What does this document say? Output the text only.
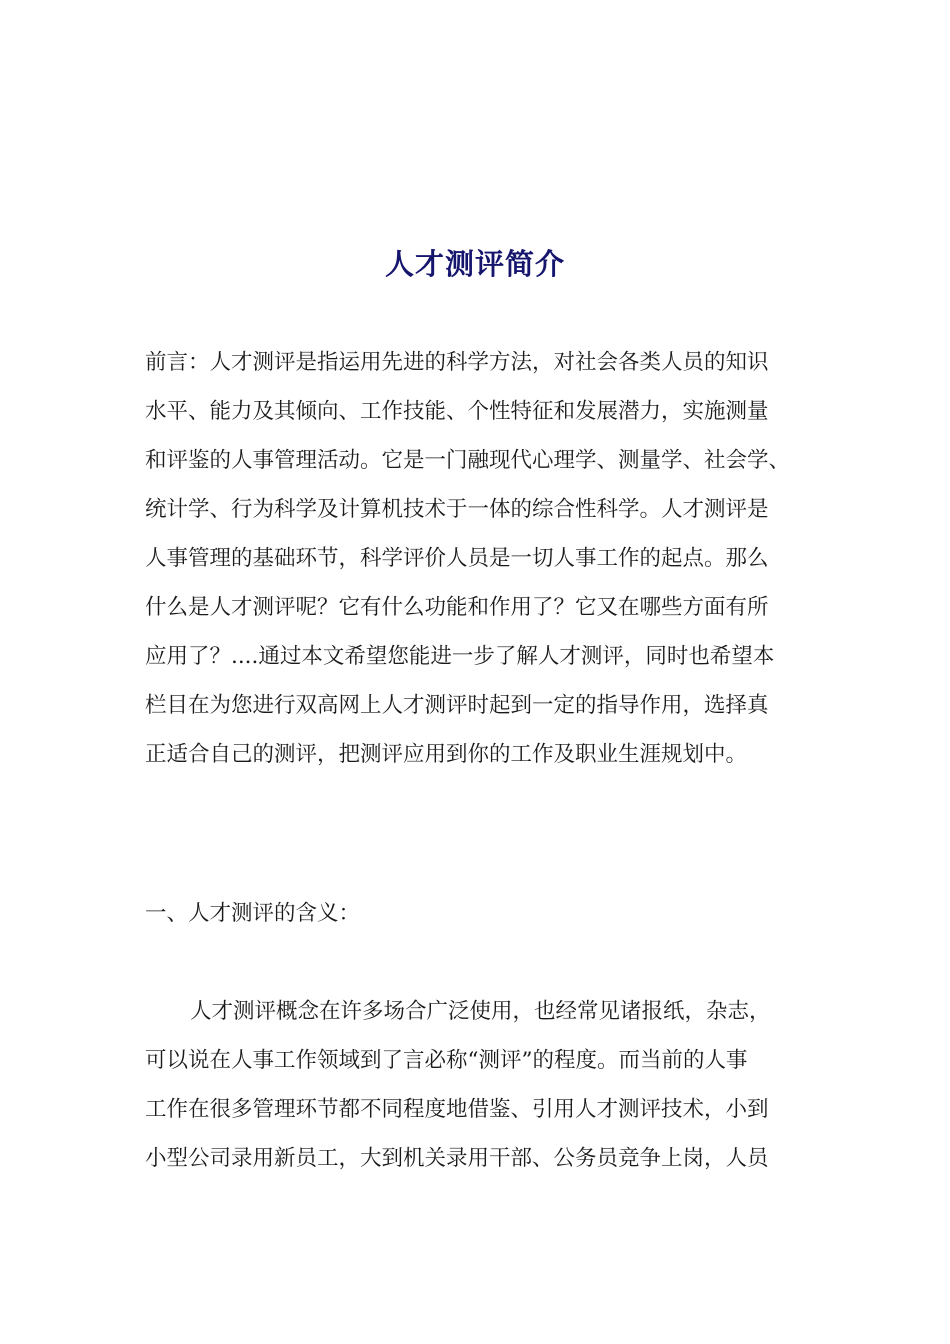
人才测评简介
前言：人才测评是指运用先进的科学方法，对社会各类人员的知识
水平、能力及其倾向、工作技能、个性特征和发展潜力，实施测量
和评鉴的人事管理活动。它是一门融现代心理学、测量学、社会学、
统计学、行为科学及计算机技术于一体的综合性科学。人才测评是
人事管理的基础环节，科学评价人员是一切人事工作的起点。那么
什么是人才测评呢？它有什么功能和作用了？它又在哪些方面有所
应用了？....通过本文希望您能进一步了解人才测评，同时也希望本
栏目在为您进行双高网上人才测评时起到一定的指导作用，选择真
正适合自己的测评，把测评应用到你的工作及职业生涯规划中。
一、人才测评的含义：
人才测评概念在许多场合广泛使用，也经常见诸报纸，杂志，
可以说在人事工作领域到了言必称“测评”的程度。而当前的人事
工作在很多管理环节都不同程度地借鉴、引用人才测评技术，小到
小型公司录用新员工，大到机关录用干部、公务员竞争上岗，人员
